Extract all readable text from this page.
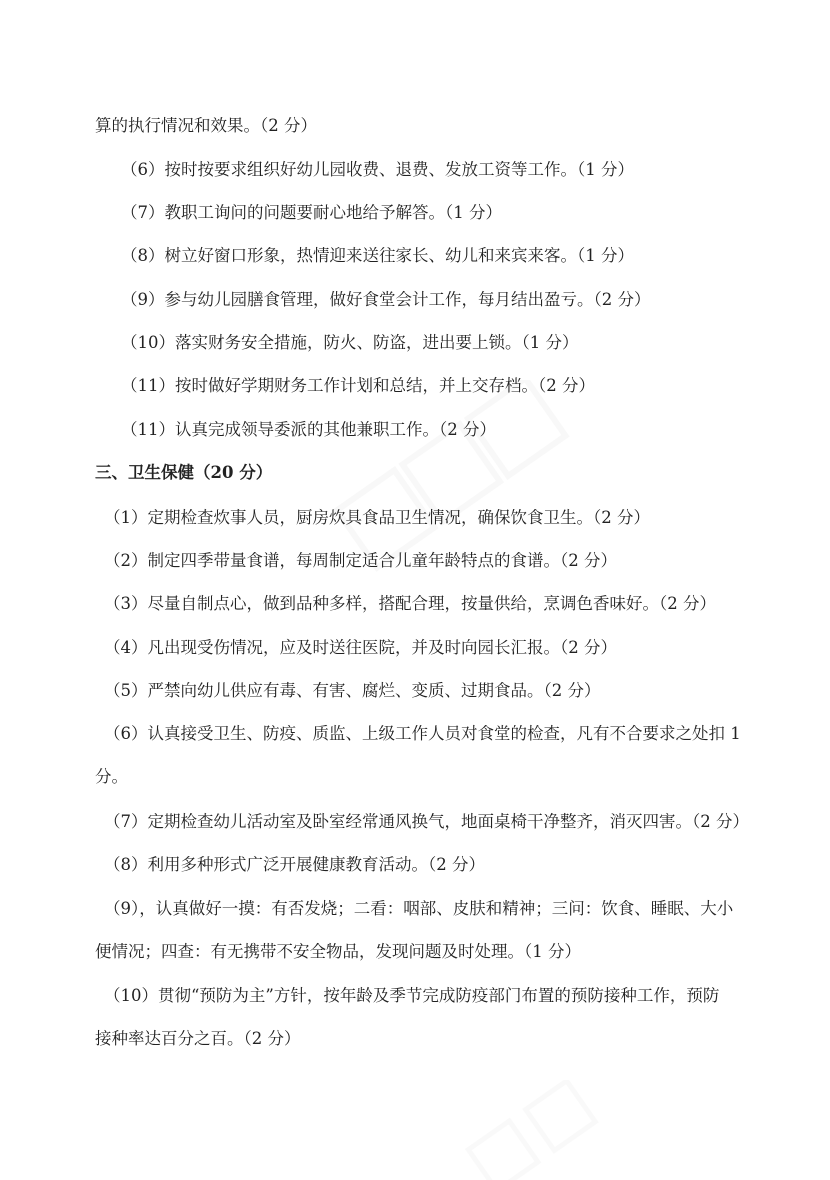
算的执行情况和效果。（2 分）
（6）按时按要求组织好幼儿园收费、退费、发放工资等工作。（1 分）
（7）教职工询问的问题要耐心地给予解答。（1 分）
（8）树立好窗口形象，热情迎来送往家长、幼儿和来宾来客。（1 分）
（9）参与幼儿园膳食管理，做好食堂会计工作，每月结出盈亏。（2 分）
（10）落实财务安全措施，防火、防盗，进出要上锁。（1 分）
（11）按时做好学期财务工作计划和总结，并上交存档。（2 分）
（11）认真完成领导委派的其他兼职工作。（2 分）
三、卫生保健（20 分）
（1）定期检查炊事人员，厨房炊具食品卫生情况，确保饮食卫生。（2 分）
（2）制定四季带量食谱，每周制定适合儿童年龄特点的食谱。（2 分）
（3）尽量自制点心，做到品种多样，搭配合理，按量供给，烹调色香味好。（2 分）
（4）凡出现受伤情况，应及时送往医院，并及时向园长汇报。（2 分）
（5）严禁向幼儿供应有毒、有害、腐烂、变质、过期食品。（2 分）
（6）认真接受卫生、防疫、质监、上级工作人员对食堂的检查，凡有不合要求之处扣 1
分。
（7）定期检查幼儿活动室及卧室经常通风换气，地面桌椅干净整齐，消灭四害。（2 分）
（8）利用多种形式广泛开展健康教育活动。（2 分）
（9），认真做好一摸：有否发烧；二看：咽部、皮肤和精神；三问：饮食、睡眠、大小
便情况；四查：有无携带不安全物品，发现问题及时处理。（1 分）
（10）贯彻“预防为主”方针，按年龄及季节完成防疫部门布置的预防接种工作，预防
接种率达百分之百。（2 分）
